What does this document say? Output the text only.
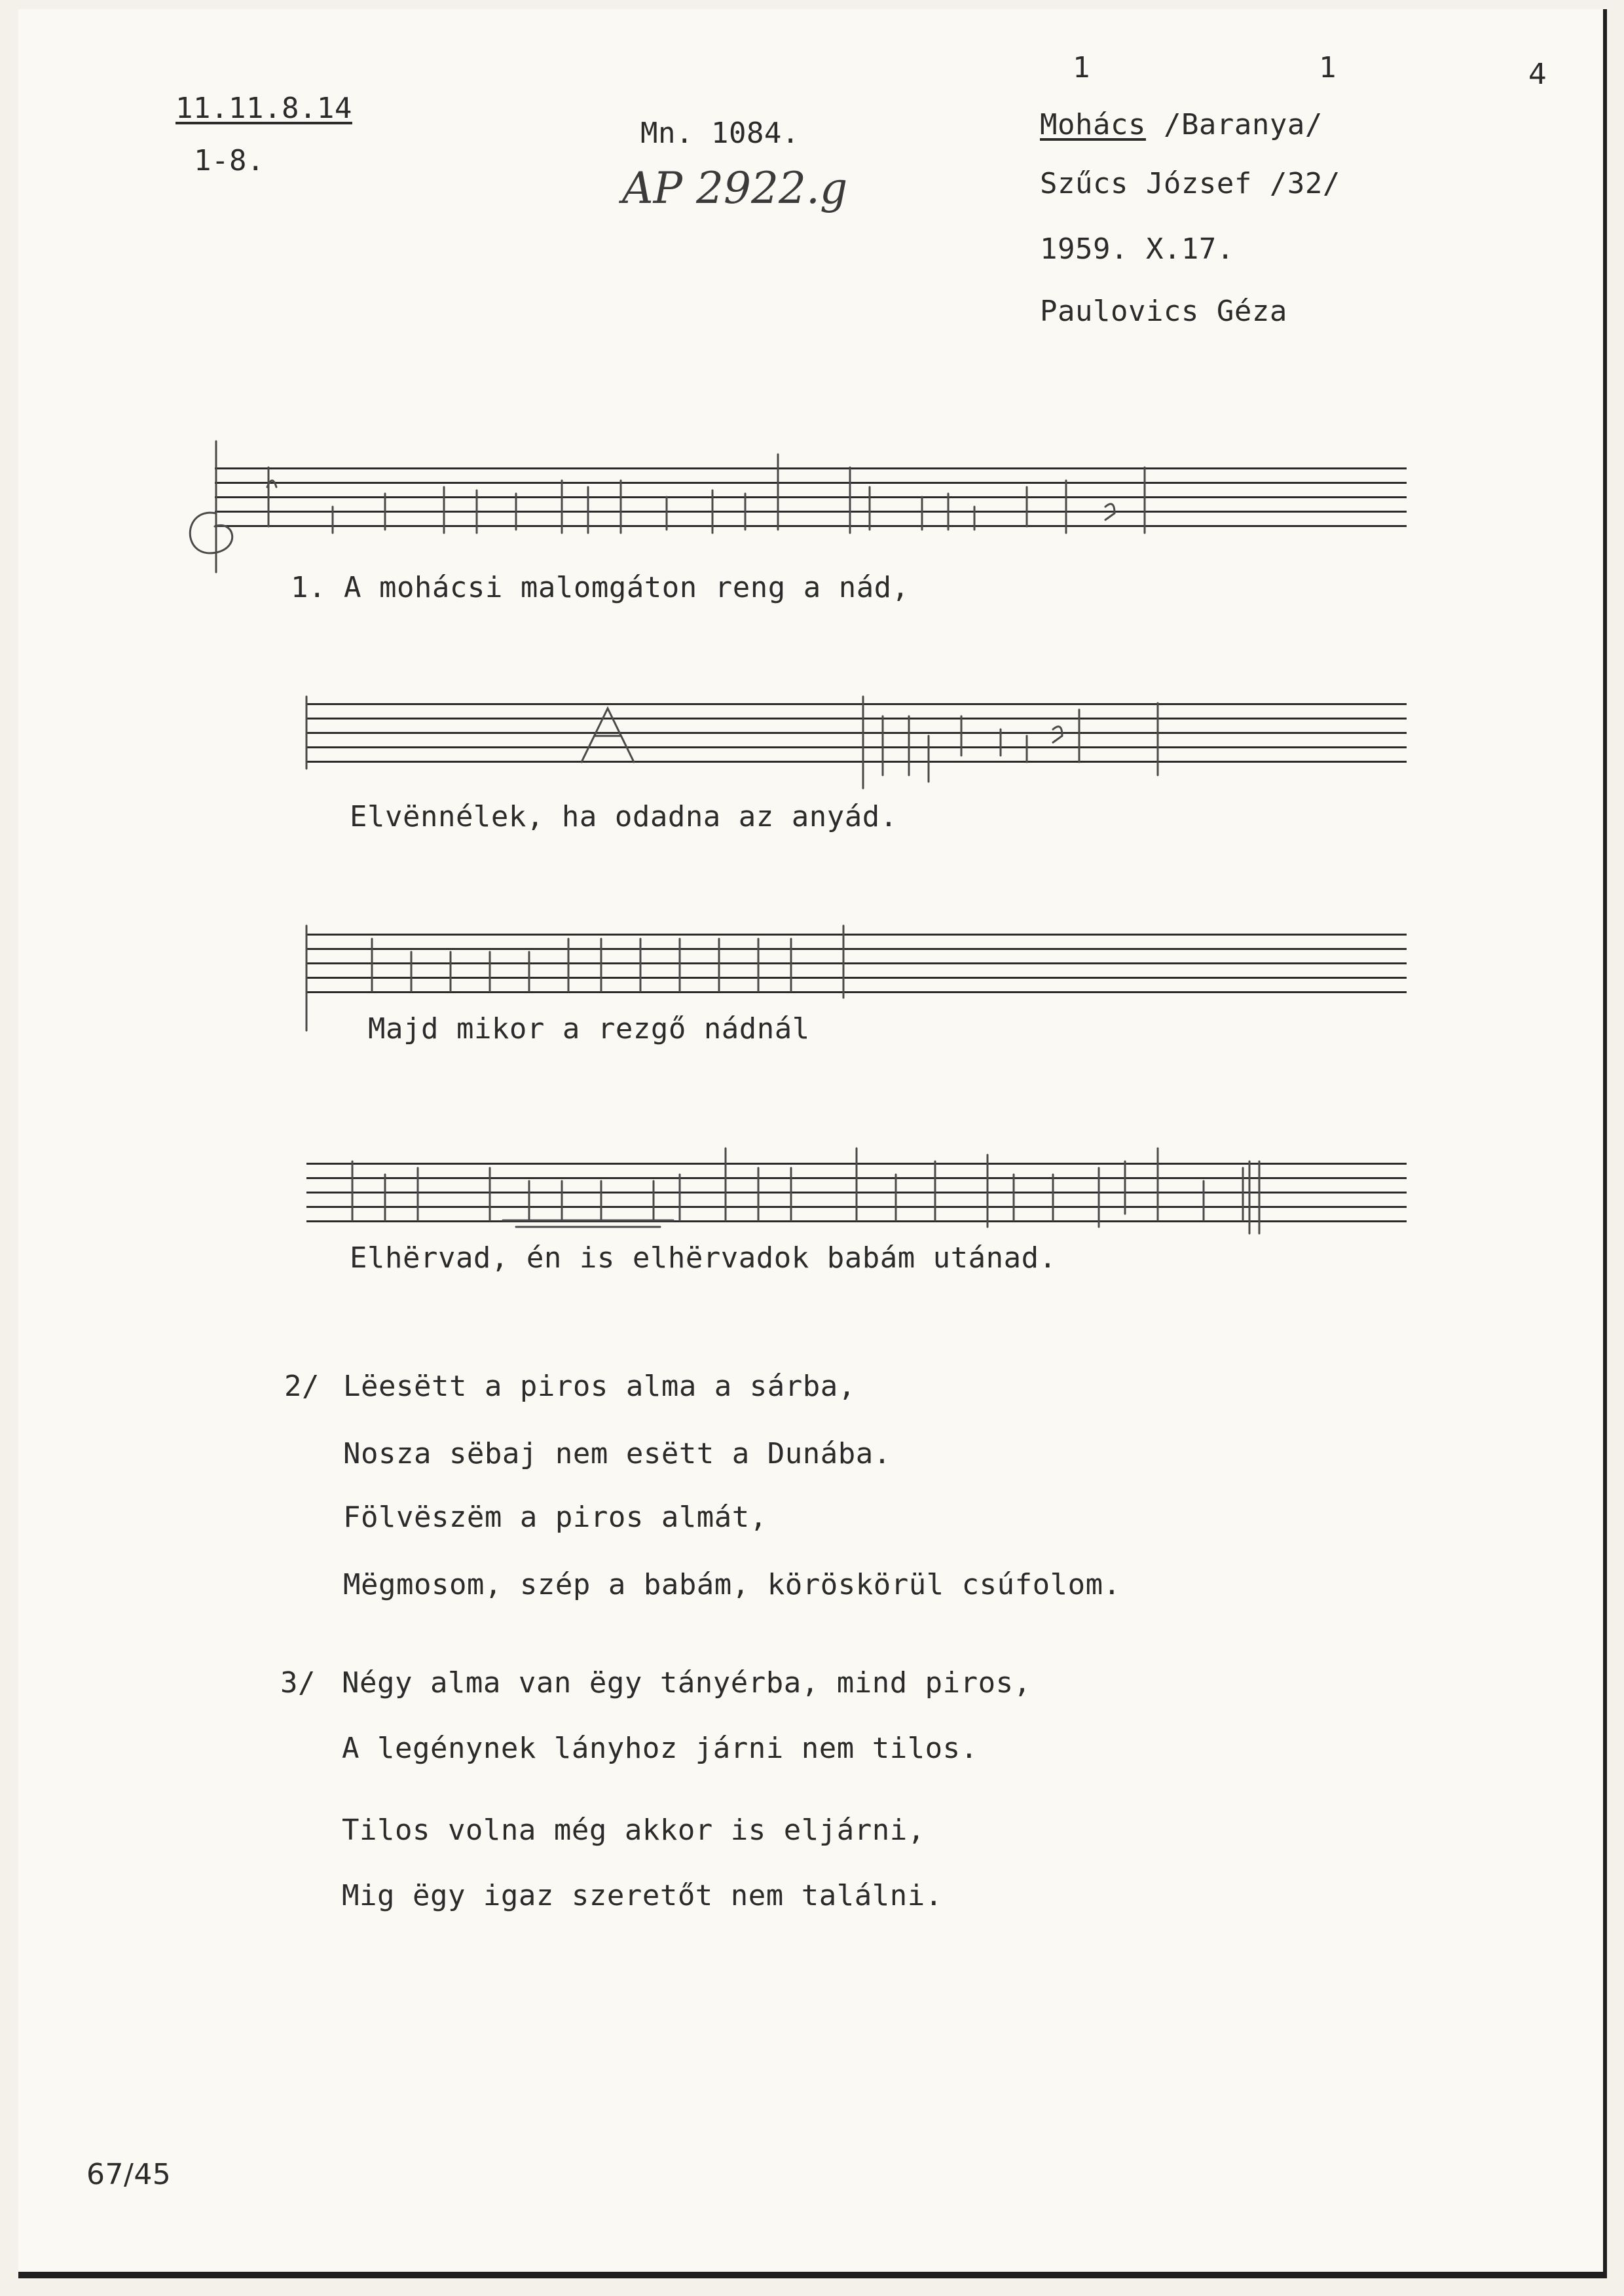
11.11.8.14
1-8.
Mn. 1084.
AP 2922.g
1	1	4
Mohács /Baranya/
Szűcs József /32/
1959. X.17.
Paulovics Géza
1. A mohácsi malomgáton reng a nád,
Elvënnélek, ha odadna az anyád.
Majd mikor a rezgő nádnál
Elhërvad, én is elhërvadok babám utánad.
2/ Lëesëtt a piros alma a sárba,
Nosza sëbaj nem esëtt a Dunába.
Fölvëszëm a piros almát,
Mëgmosom, szép a babám, köröskörül csúfolom.
3/ Négy alma van ëgy tányérba, mind piros,
A legénynek lányhoz járni nem tilos.
Tilos volna még akkor is eljárni,
Mig ëgy igaz szeretőt nem találni.
67/45
